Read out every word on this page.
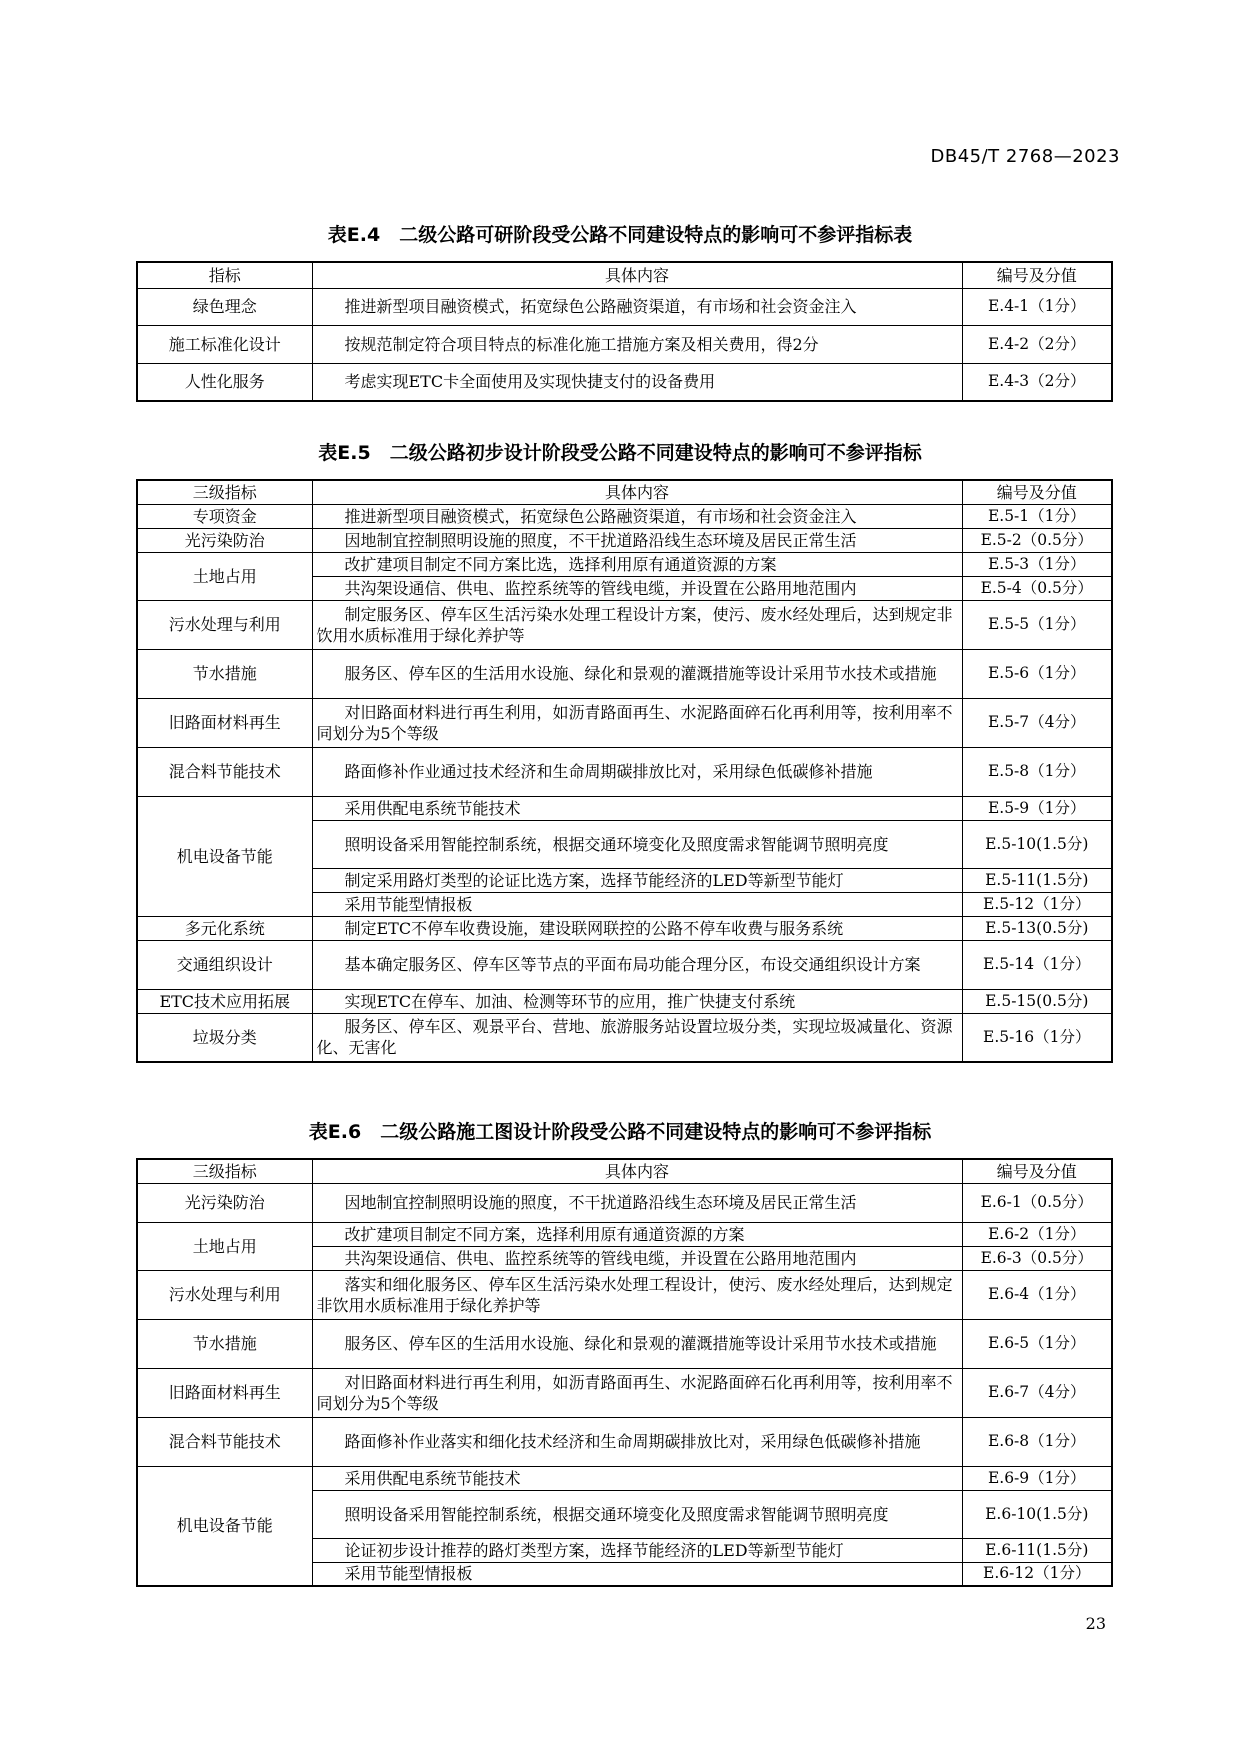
DB45/T 2768—2023
表E.4　二级公路可研阶段受公路不同建设特点的影响可不参评指标表
指标	具体内容	编号及分值
绿色理念	推进新型项目融资模式，拓宽绿色公路融资渠道，有市场和社会资金注入	E.4-1（1分）
施工标准化设计	按规范制定符合项目特点的标准化施工措施方案及相关费用，得2分	E.4-2（2分）
人性化服务	考虑实现ETC卡全面使用及实现快捷支付的设备费用	E.4-3（2分）
表E.5　二级公路初步设计阶段受公路不同建设特点的影响可不参评指标
三级指标	具体内容	编号及分值
专项资金	推进新型项目融资模式，拓宽绿色公路融资渠道，有市场和社会资金注入	E.5-1（1分）
光污染防治	因地制宜控制照明设施的照度，不干扰道路沿线生态环境及居民正常生活	E.5-2（0.5分）
土地占用	改扩建项目制定不同方案比选，选择利用原有通道资源的方案	E.5-3（1分）
	共沟架设通信、供电、监控系统等的管线电缆，并设置在公路用地范围内	E.5-4（0.5分）
污水处理与利用	制定服务区、停车区生活污染水处理工程设计方案，使污、废水经处理后，达到规定非饮用水质标准用于绿化养护等	E.5-5（1分）
节水措施	服务区、停车区的生活用水设施、绿化和景观的灌溉措施等设计采用节水技术或措施	E.5-6（1分）
旧路面材料再生	对旧路面材料进行再生利用，如沥青路面再生、水泥路面碎石化再利用等，按利用率不同划分为5个等级	E.5-7（4分）
混合料节能技术	路面修补作业通过技术经济和生命周期碳排放比对，采用绿色低碳修补措施	E.5-8（1分）
机电设备节能	采用供配电系统节能技术	E.5-9（1分）
	照明设备采用智能控制系统，根据交通环境变化及照度需求智能调节照明亮度	E.5-10(1.5分)
	制定采用路灯类型的论证比选方案，选择节能经济的LED等新型节能灯	E.5-11(1.5分)
	采用节能型情报板	E.5-12（1分）
多元化系统	制定ETC不停车收费设施，建设联网联控的公路不停车收费与服务系统	E.5-13(0.5分)
交通组织设计	基本确定服务区、停车区等节点的平面布局功能合理分区，布设交通组织设计方案	E.5-14（1分）
ETC技术应用拓展	实现ETC在停车、加油、检测等环节的应用，推广快捷支付系统	E.5-15(0.5分)
垃圾分类	服务区、停车区、观景平台、营地、旅游服务站设置垃圾分类，实现垃圾减量化、资源化、无害化	E.5-16（1分）
表E.6　二级公路施工图设计阶段受公路不同建设特点的影响可不参评指标
三级指标	具体内容	编号及分值
光污染防治	因地制宜控制照明设施的照度，不干扰道路沿线生态环境及居民正常生活	E.6-1（0.5分）
土地占用	改扩建项目制定不同方案，选择利用原有通道资源的方案	E.6-2（1分）
	共沟架设通信、供电、监控系统等的管线电缆，并设置在公路用地范围内	E.6-3（0.5分）
污水处理与利用	落实和细化服务区、停车区生活污染水处理工程设计，使污、废水经处理后，达到规定非饮用水质标准用于绿化养护等	E.6-4（1分）
节水措施	服务区、停车区的生活用水设施、绿化和景观的灌溉措施等设计采用节水技术或措施	E.6-5（1分）
旧路面材料再生	对旧路面材料进行再生利用，如沥青路面再生、水泥路面碎石化再利用等，按利用率不同划分为5个等级	E.6-7（4分）
混合料节能技术	路面修补作业落实和细化技术经济和生命周期碳排放比对，采用绿色低碳修补措施	E.6-8（1分）
机电设备节能	采用供配电系统节能技术	E.6-9（1分）
	照明设备采用智能控制系统，根据交通环境变化及照度需求智能调节照明亮度	E.6-10(1.5分)
	论证初步设计推荐的路灯类型方案，选择节能经济的LED等新型节能灯	E.6-11(1.5分)
	采用节能型情报板	E.6-12（1分）
23
